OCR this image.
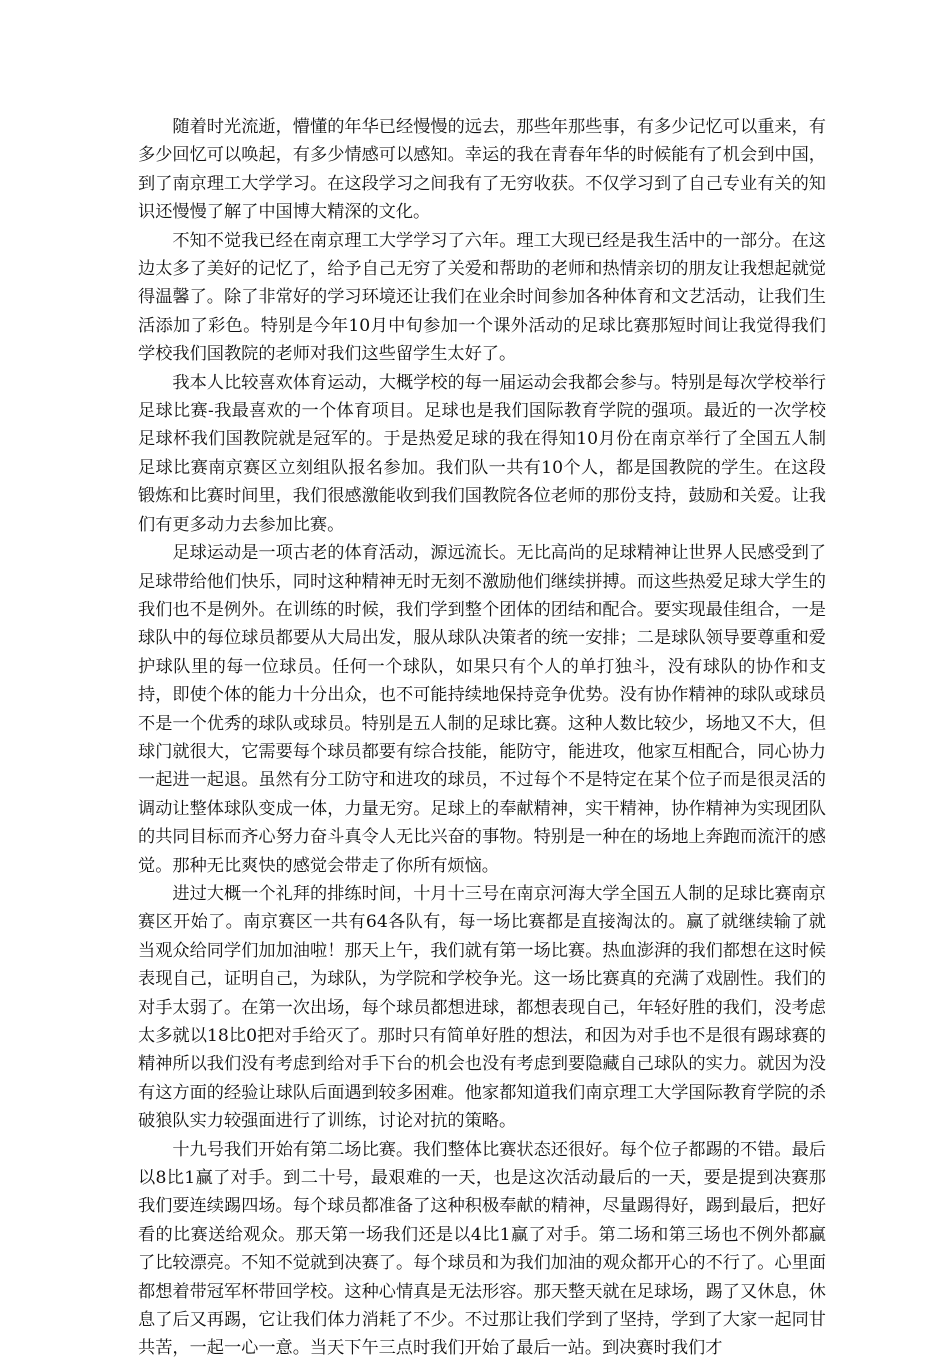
随着时光流逝，懵懂的年华已经慢慢的远去，那些年那些事，有多少记忆可以重来，有多少回忆可以唤起，有多少情感可以感知。幸运的我在青春年华的时候能有了机会到中国，到了南京理工大学学习。在这段学习之间我有了无穷收获。不仅学习到了自己专业有关的知识还慢慢了解了中国博大精深的文化。

不知不觉我已经在南京理工大学学习了六年。理工大现已经是我生活中的一部分。在这边太多了美好的记忆了，给予自己无穷了关爱和帮助的老师和热情亲切的朋友让我想起就觉得温馨了。除了非常好的学习环境还让我们在业余时间参加各种体育和文艺活动，让我们生活添加了彩色。特别是今年10月中旬参加一个课外活动的足球比赛那短时间让我觉得我们学校我们国教院的老师对我们这些留学生太好了。

我本人比较喜欢体育运动，大概学校的每一届运动会我都会参与。特别是每次学校举行足球比赛-我最喜欢的一个体育项目。足球也是我们国际教育学院的强项。最近的一次学校足球杯我们国教院就是冠军的。于是热爱足球的我在得知10月份在南京举行了全国五人制足球比赛南京赛区立刻组队报名参加。我们队一共有10个人，都是国教院的学生。在这段锻炼和比赛时间里，我们很感激能收到我们国教院各位老师的那份支持，鼓励和关爱。让我们有更多动力去参加比赛。

足球运动是一项古老的体育活动，源远流长。无比高尚的足球精神让世界人民感受到了足球带给他们快乐，同时这种精神无时无刻不激励他们继续拼搏。而这些热爱足球大学生的我们也不是例外。在训练的时候，我们学到整个团体的团结和配合。要实现最佳组合，一是球队中的每位球员都要从大局出发，服从球队决策者的统一安排；二是球队领导要尊重和爱护球队里的每一位球员。任何一个球队，如果只有个人的单打独斗，没有球队的协作和支持，即使个体的能力十分出众，也不可能持续地保持竞争优势。没有协作精神的球队或球员不是一个优秀的球队或球员。特别是五人制的足球比赛。这种人数比较少，场地又不大，但球门就很大，它需要每个球员都要有综合技能，能防守，能进攻，他家互相配合，同心协力一起进一起退。虽然有分工防守和进攻的球员，不过每个不是特定在某个位子而是很灵活的调动让整体球队变成一体，力量无穷。足球上的奉献精神，实干精神，协作精神为实现团队的共同目标而齐心努力奋斗真令人无比兴奋的事物。特别是一种在的场地上奔跑而流汗的感觉。那种无比爽快的感觉会带走了你所有烦恼。

进过大概一个礼拜的排练时间，十月十三号在南京河海大学全国五人制的足球比赛南京赛区开始了。南京赛区一共有64各队有，每一场比赛都是直接淘汰的。赢了就继续输了就当观众给同学们加加油啦！那天上午，我们就有第一场比赛。热血澎湃的我们都想在这时候表现自己，证明自己，为球队，为学院和学校争光。这一场比赛真的充满了戏剧性。我们的对手太弱了。在第一次出场，每个球员都想进球，都想表现自己，年轻好胜的我们，没考虑太多就以18比0把对手给灭了。那时只有简单好胜的想法，和因为对手也不是很有踢球赛的精神所以我们没有考虑到给对手下台的机会也没有考虑到要隐藏自己球队的实力。就因为没有这方面的经验让球队后面遇到较多困难。他家都知道我们南京理工大学国际教育学院的杀破狼队实力较强面进行了训练，讨论对抗的策略。

十九号我们开始有第二场比赛。我们整体比赛状态还很好。每个位子都踢的不错。最后以8比1赢了对手。到二十号，最艰难的一天，也是这次活动最后的一天，要是提到决赛那我们要连续踢四场。每个球员都准备了这种积极奉献的精神，尽量踢得好，踢到最后，把好看的比赛送给观众。那天第一场我们还是以4比1赢了对手。第二场和第三场也不例外都赢了比较漂亮。不知不觉就到决赛了。每个球员和为我们加油的观众都开心的不行了。心里面都想着带冠军杯带回学校。这种心情真是无法形容。那天整天就在足球场，踢了又休息，休息了后又再踢，它让我们体力消耗了不少。不过那让我们学到了坚持，学到了大家一起同甘共苦，一起一心一意。当天下午三点时我们开始了最后一站。到决赛时我们才
